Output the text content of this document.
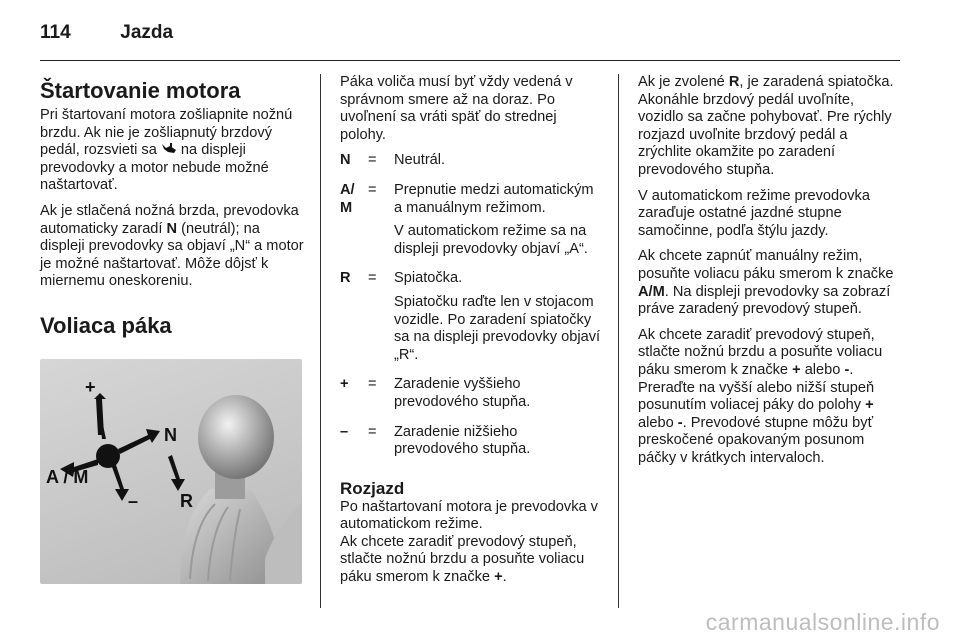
114	Jazda
Štartovanie motora

Pri štartovaní motora zošliapnite nožnú brzdu. Ak nie je zošliapnutý brzdový pedál, rozsvieti sa  na displeji prevodovky a motor nebude možné naštartovať.

Ak je stlačená nožná brzda, prevodovka automaticky zaradí N (neutrál); na displeji prevodovky sa objaví „N“ a motor je možné naštartovať. Môže dôjsť k miernemu oneskoreniu.

Voliaca páka
+
N
A / M
– R

Páka voliča musí byť vždy vedená v správnom smere až na doraz. Po uvoľnení sa vráti späť do strednej polohy.

N	=	Neutrál.

A/ M
=	Prepnutie medzi automatickým a manuálnym režimom.

V automatickom režime sa na displeji prevodovky objaví „A“.

R	=	Spiatočka.

Spiatočku raďte len v stojacom vozidle. Po zaradení spiatočky sa na displeji prevodovky objaví „R“.

+	=	Zaradenie vyššieho prevodového stupňa.

–	=	Zaradenie nižšieho prevodového stupňa.

Rozjazd

Po naštartovaní motora je prevodovka v automatickom režime.

Ak chcete zaradiť prevodový stupeň, stlačte nožnú brzdu a posuňte voliacu páku smerom k značke +.

Ak je zvolené R, je zaradená spiatočka. Akonáhle brzdový pedál uvoľníte, vozidlo sa začne pohybovať. Pre rýchly rozjazd uvoľnite brzdový pedál a zrýchlite okamžite po zaradení prevodového stupňa.

V automatickom režime prevodovka zaraďuje ostatné jazdné stupne samočinne, podľa štýlu jazdy.

Ak chcete zapnúť manuálny režim, posuňte voliacu páku smerom k značke A/M. Na displeji prevodovky sa zobrazí práve zaradený prevodový stupeň.

Ak chcete zaradiť prevodový stupeň, stlačte nožnú brzdu a posuňte voliacu páku smerom k značke + alebo -. Preraďte na vyšší alebo nižší stupeň posunutím voliacej páky do polohy + alebo -. Prevodové stupne môžu byť preskočené opakovaným posunom páčky v krátkych intervaloch.

carmanualsonline.info
